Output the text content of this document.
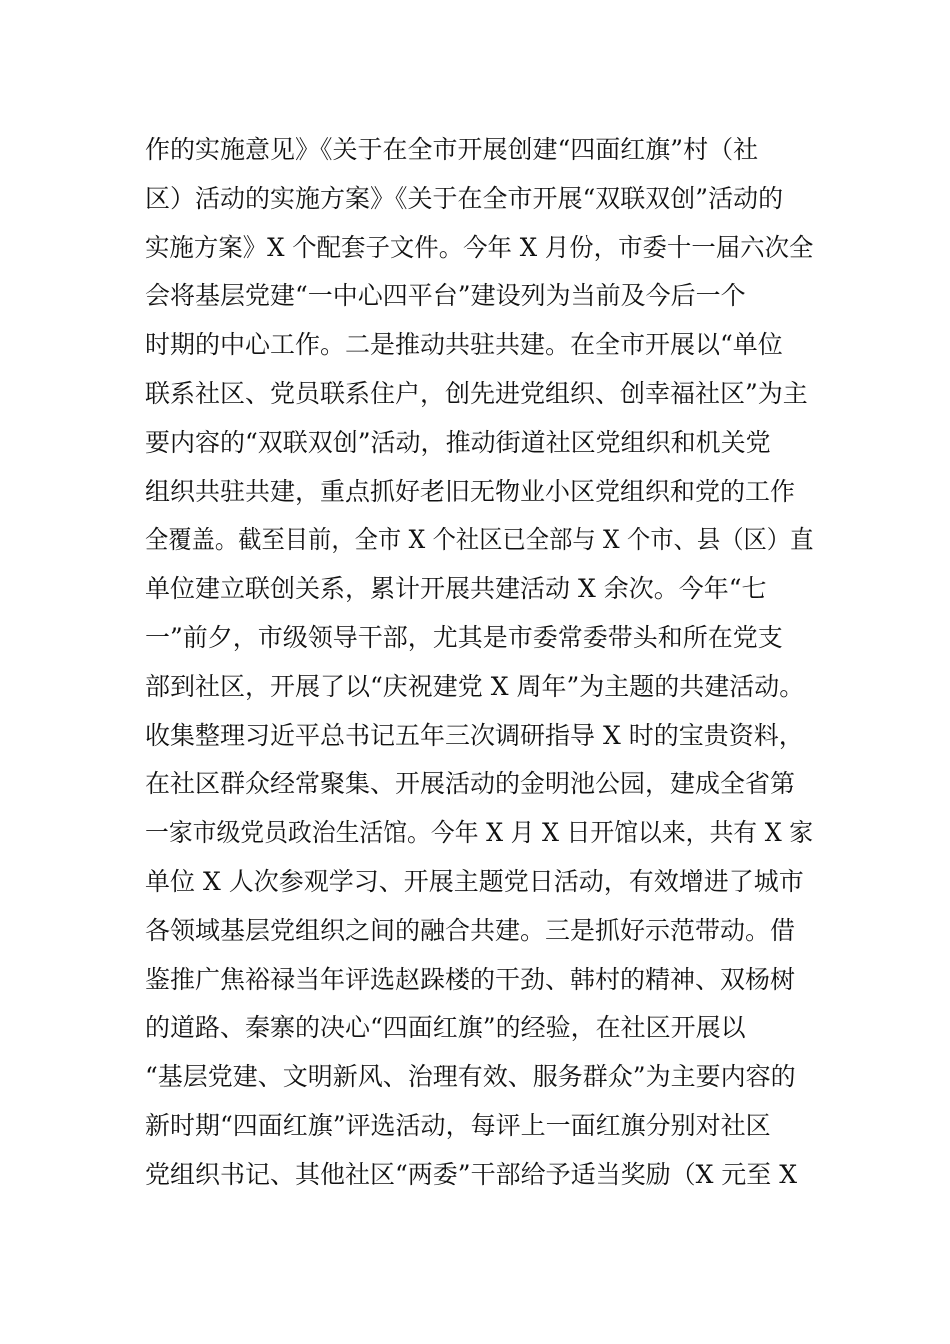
作的实施意见》《关于在全市开展创建“四面红旗”村（社
区）活动的实施方案》《关于在全市开展“双联双创”活动的
实施方案》X 个配套子文件。今年 X 月份，市委十一届六次全
会将基层党建“一中心四平台”建设列为当前及今后一个
时期的中心工作。二是推动共驻共建。在全市开展以“单位
联系社区、党员联系住户，创先进党组织、创幸福社区”为主
要内容的“双联双创”活动，推动街道社区党组织和机关党
组织共驻共建，重点抓好老旧无物业小区党组织和党的工作
全覆盖。截至目前，全市 X 个社区已全部与 X 个市、县（区）直
单位建立联创关系，累计开展共建活动 X 余次。今年“七
一”前夕，市级领导干部，尤其是市委常委带头和所在党支
部到社区，开展了以“庆祝建党 X 周年”为主题的共建活动。
收集整理习近平总书记五年三次调研指导 X 时的宝贵资料，
在社区群众经常聚集、开展活动的金明池公园，建成全省第
一家市级党员政治生活馆。今年 X 月 X 日开馆以来，共有 X 家
单位 X 人次参观学习、开展主题党日活动，有效增进了城市
各领域基层党组织之间的融合共建。三是抓好示范带动。借
鉴推广焦裕禄当年评选赵跺楼的干劲、韩村的精神、双杨树
的道路、秦寨的决心“四面红旗”的经验，在社区开展以
“基层党建、文明新风、治理有效、服务群众”为主要内容的
新时期“四面红旗”评选活动，每评上一面红旗分别对社区
党组织书记、其他社区“两委”干部给予适当奖励（X 元至 X
